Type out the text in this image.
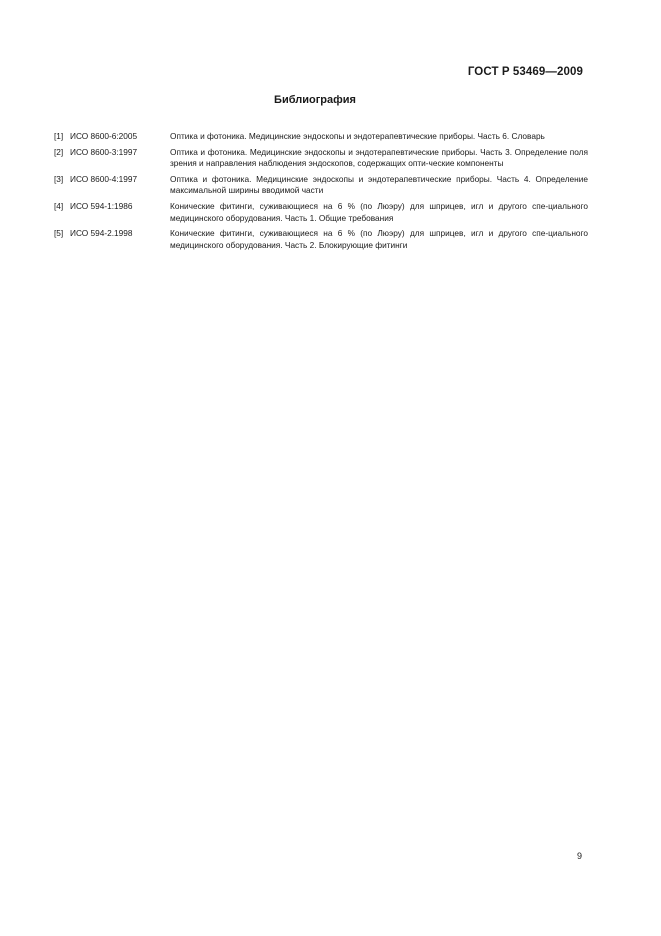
ГОСТ Р 53469—2009
Библиография
[1] ИСО 8600-6:2005	Оптика и фотоника. Медицинские эндоскопы и эндотерапевтические приборы. Часть 6. Словарь
[2] ИСО 8600-3:1997	Оптика и фотоника. Медицинские эндоскопы и эндотерапевтические приборы. Часть 3. Определение поля зрения и направления наблюдения эндоскопов, содержащих опти-ческие компоненты
[3] ИСО 8600-4:1997	Оптика и фотоника. Медицинские эндоскопы и эндотерапевтические приборы. Часть 4. Определение максимальной ширины вводимой части
[4] ИСО 594-1:1986	Конические фитинги, суживающиеся на 6 % (по Люэру) для шприцев, игл и другого спе-циального медицинского оборудования. Часть 1. Общие требования
[5] ИСО 594-2.1998	Конические фитинги, суживающиеся на 6 % (по Люэру) для шприцев, игл и другого спе-циального медицинского оборудования. Часть 2. Блокирующие фитинги
9
